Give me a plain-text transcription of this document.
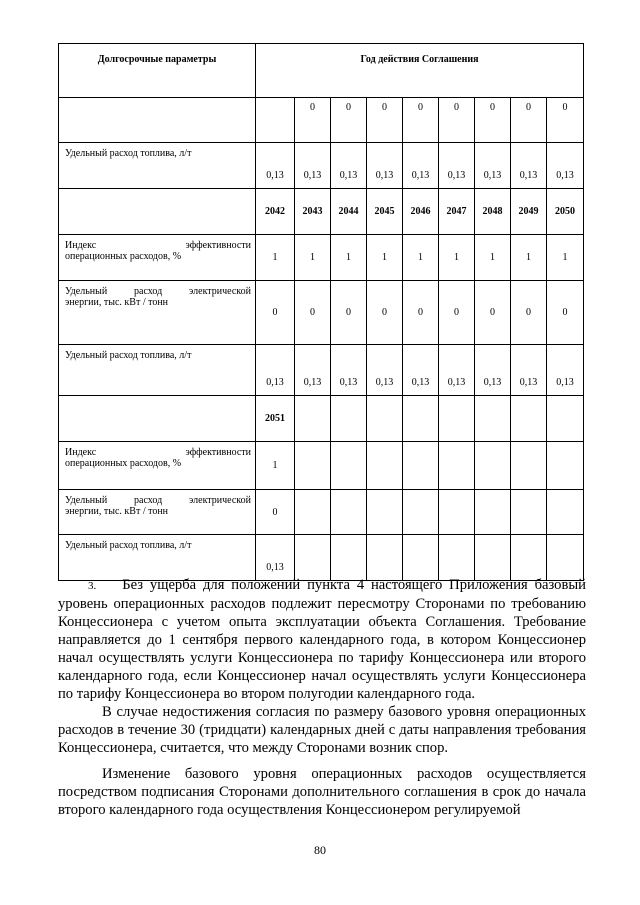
Долгосрочные параметры	Год действия Соглашения								
		0	0	0	0	0	0	0	0
Удельный расход топлива, л/т	0,13	0,13	0,13	0,13	0,13	0,13	0,13	0,13	0,13
	2042	2043	2044	2045	2046	2047	2048	2049	2050

Индекс эффективности
операционных расходов, %	1	1	1	1	1	1	1	1	1

Удельный расход электрической
энергии, тыс. кВт / тонн	0	0	0	0	0	0	0	0	0
Удельный расход топлива, л/т	0,13	0,13	0,13	0,13	0,13	0,13	0,13	0,13	0,13
	2051								

Индекс эффективности
операционных расходов, %	1								

Удельный расход электрической
энергии, тыс. кВт / тонн	0								
Удельный расход топлива, л/т	0,13								

3. Без ущерба для положений пункта 4 настоящего Приложения базовый уровень операционных расходов подлежит пересмотру Сторонами по требованию Концессионера с учетом опыта эксплуатации объекта Соглашения. Требование направляется до 1 сентября первого календарного года, в котором Концессионер начал осуществлять услуги Концессионера по тарифу Концессионера или второго календарного года, если Концессионер начал осуществлять услуги Концессионера по тарифу Концессионера во втором полугодии календарного года.

В случае недостижения согласия по размеру базового уровня операционных расходов в течение 30 (тридцати) календарных дней с даты направления требования Концессионера, считается, что между Сторонами возник спор.

Изменение базового уровня операционных расходов осуществляется посредством подписания Сторонами дополнительного соглашения в срок до начала второго календарного года осуществления Концессионером регулируемой

80
